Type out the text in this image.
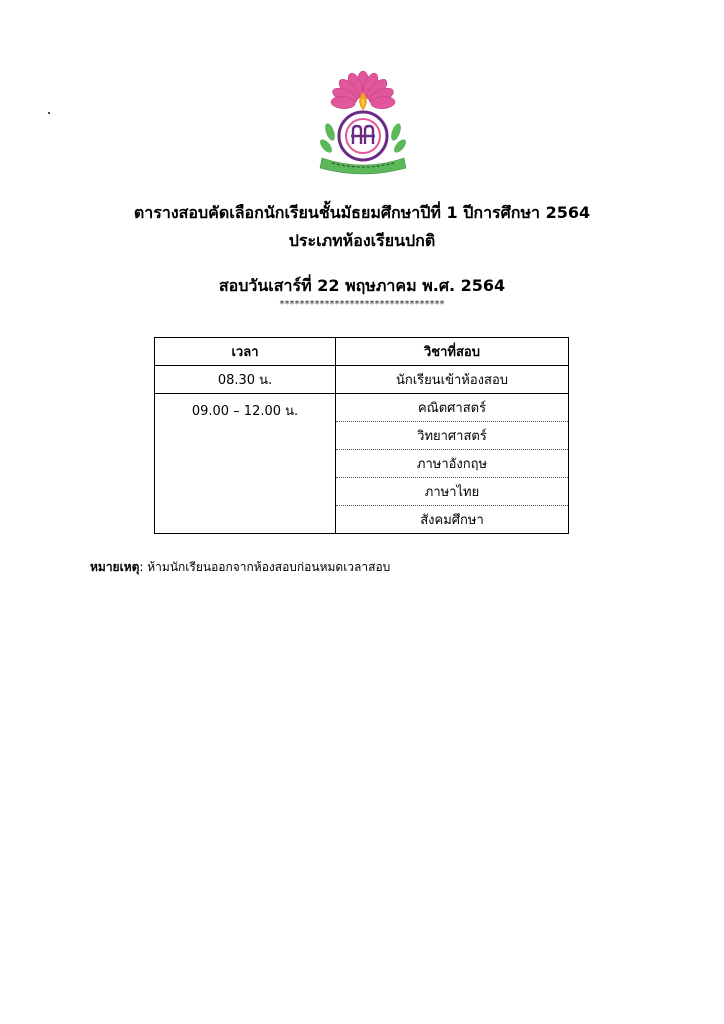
ตารางสอบคัดเลือกนักเรียนชั้นมัธยมศึกษาปีที่ 1 ปีการศึกษา 2564
ประเภทห้องเรียนปกติ
สอบวันเสาร์ที่ 22 พฤษภาคม พ.ศ. 2564
*********************************
เวลา	วิชาที่สอบ
08.30 น.	นักเรียนเข้าห้องสอบ
09.00 – 12.00 น.	คณิตศาสตร์
	วิทยาศาสตร์
	ภาษาอังกฤษ
	ภาษาไทย
	สังคมศึกษา
หมายเหตุ: ห้ามนักเรียนออกจากห้องสอบก่อนหมดเวลาสอบ
